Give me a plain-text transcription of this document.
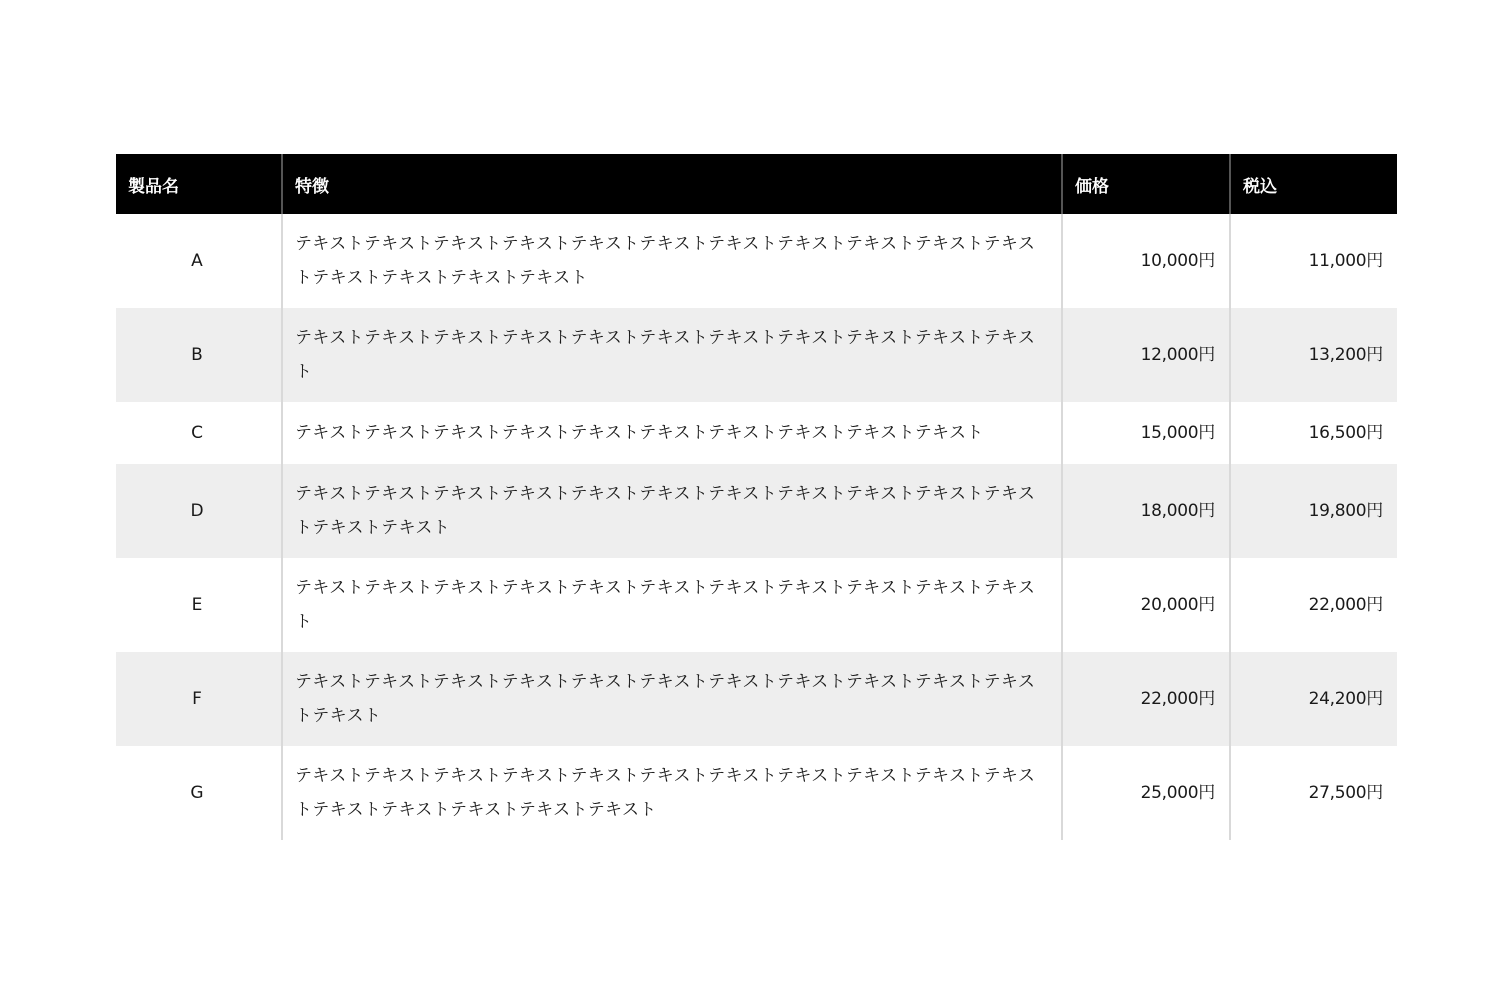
製品名	特徴	価格	税込
A	テキストテキストテキストテキストテキストテキストテキストテキストテキストテキストテキストテキストテキストテキストテキスト	10,000円	11,000円
B	テキストテキストテキストテキストテキストテキストテキストテキストテキストテキストテキスト	12,000円	13,200円
C	テキストテキストテキストテキストテキストテキストテキストテキストテキストテキスト	15,000円	16,500円
D	テキストテキストテキストテキストテキストテキストテキストテキストテキストテキストテキストテキストテキスト	18,000円	19,800円
E	テキストテキストテキストテキストテキストテキストテキストテキストテキストテキストテキスト	20,000円	22,000円
F	テキストテキストテキストテキストテキストテキストテキストテキストテキストテキストテキストテキスト	22,000円	24,200円
G	テキストテキストテキストテキストテキストテキストテキストテキストテキストテキストテキストテキストテキストテキストテキストテキスト	25,000円	27,500円
